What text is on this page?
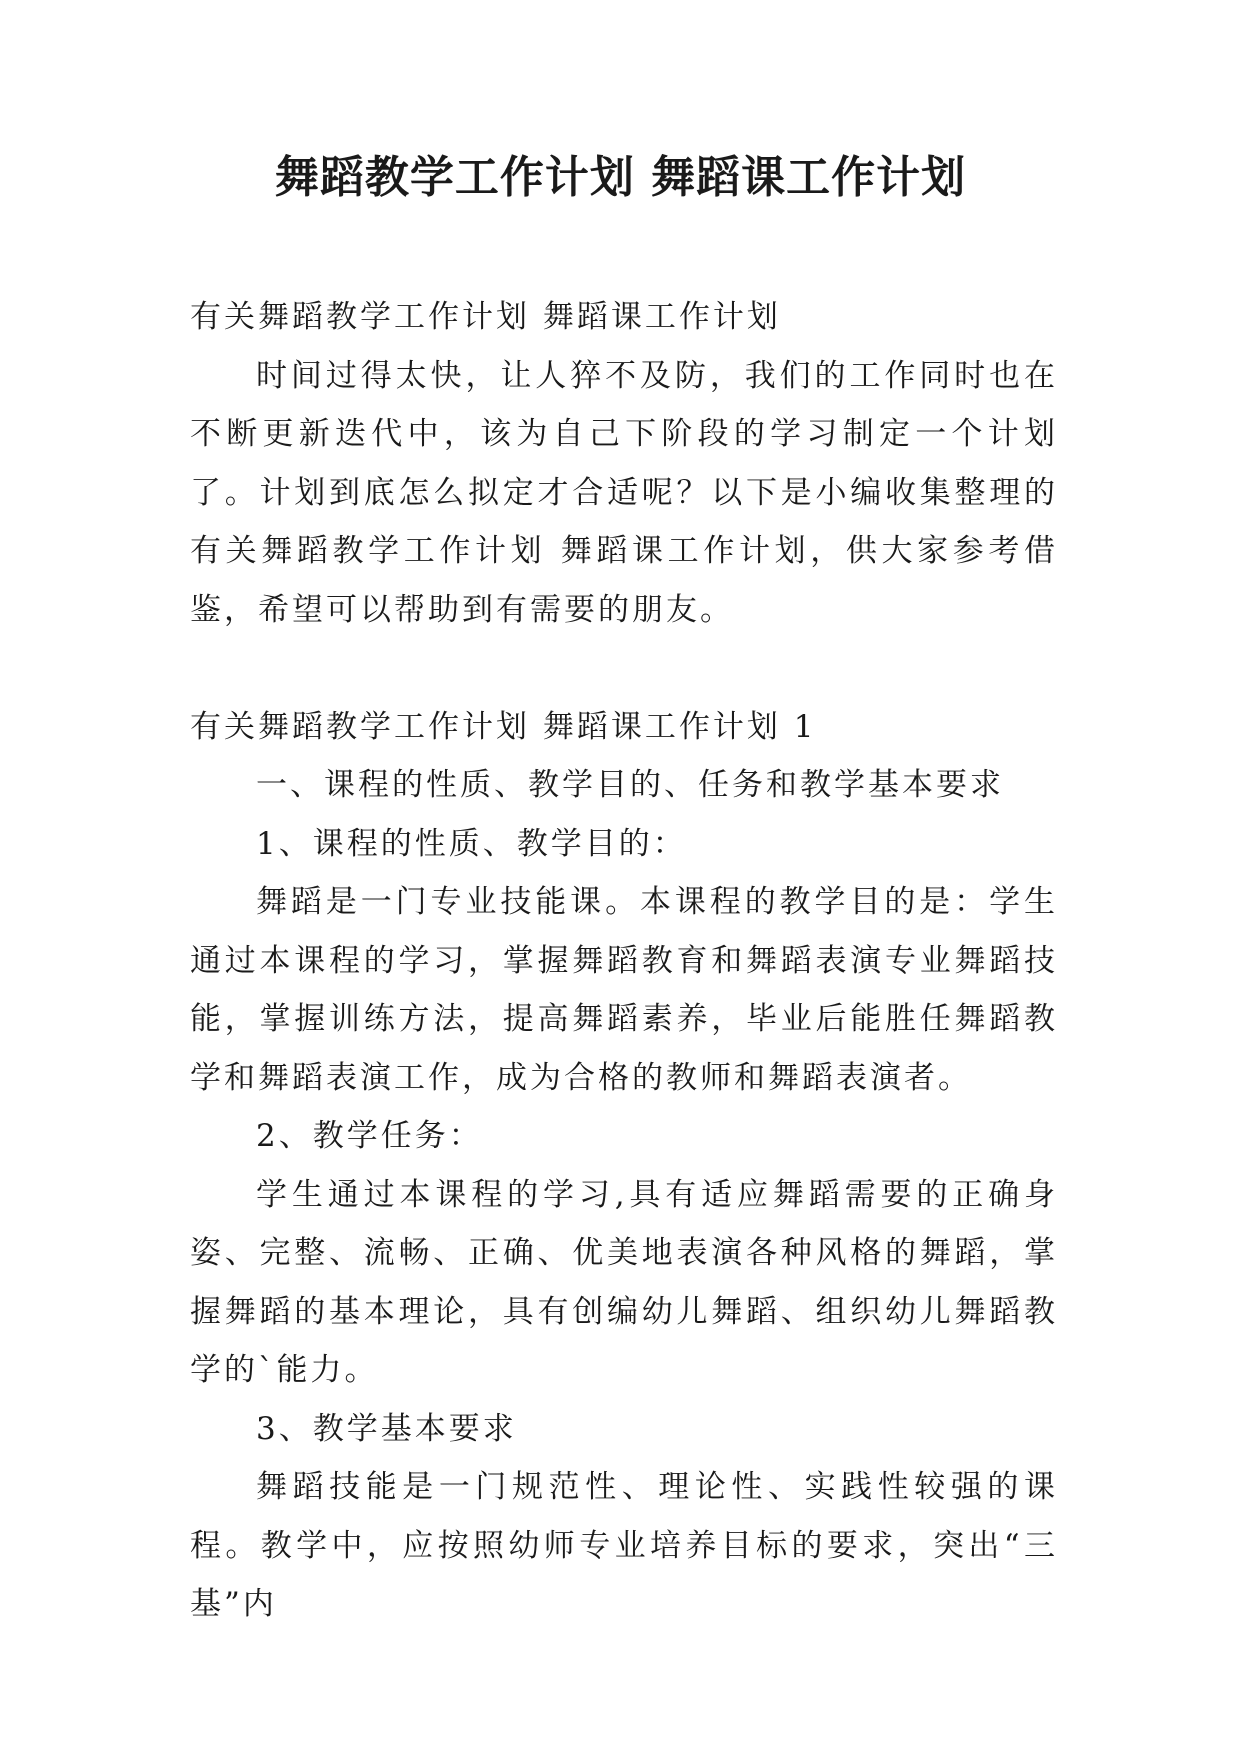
舞蹈教学工作计划 舞蹈课工作计划

有关舞蹈教学工作计划 舞蹈课工作计划

时间过得太快，让人猝不及防，我们的工作同时也在不断更新迭代中，该为自己下阶段的学习制定一个计划了。计划到底怎么拟定才合适呢？以下是小编收集整理的有关舞蹈教学工作计划 舞蹈课工作计划，供大家参考借鉴，希望可以帮助到有需要的朋友。

有关舞蹈教学工作计划 舞蹈课工作计划 1

一、课程的性质、教学目的、任务和教学基本要求

1、课程的性质、教学目的：

舞蹈是一门专业技能课。本课程的教学目的是：学生通过本课程的学习，掌握舞蹈教育和舞蹈表演专业舞蹈技能，掌握训练方法，提高舞蹈素养，毕业后能胜任舞蹈教学和舞蹈表演工作，成为合格的教师和舞蹈表演者。

2、教学任务：

学生通过本课程的学习,具有适应舞蹈需要的正确身姿、完整、流畅、正确、优美地表演各种风格的舞蹈，掌握舞蹈的基本理论，具有创编幼儿舞蹈、组织幼儿舞蹈教学的`能力。

3、教学基本要求

舞蹈技能是一门规范性、理论性、实践性较强的课程。教学中，应按照幼师专业培养目标的要求，突出“三基”内
